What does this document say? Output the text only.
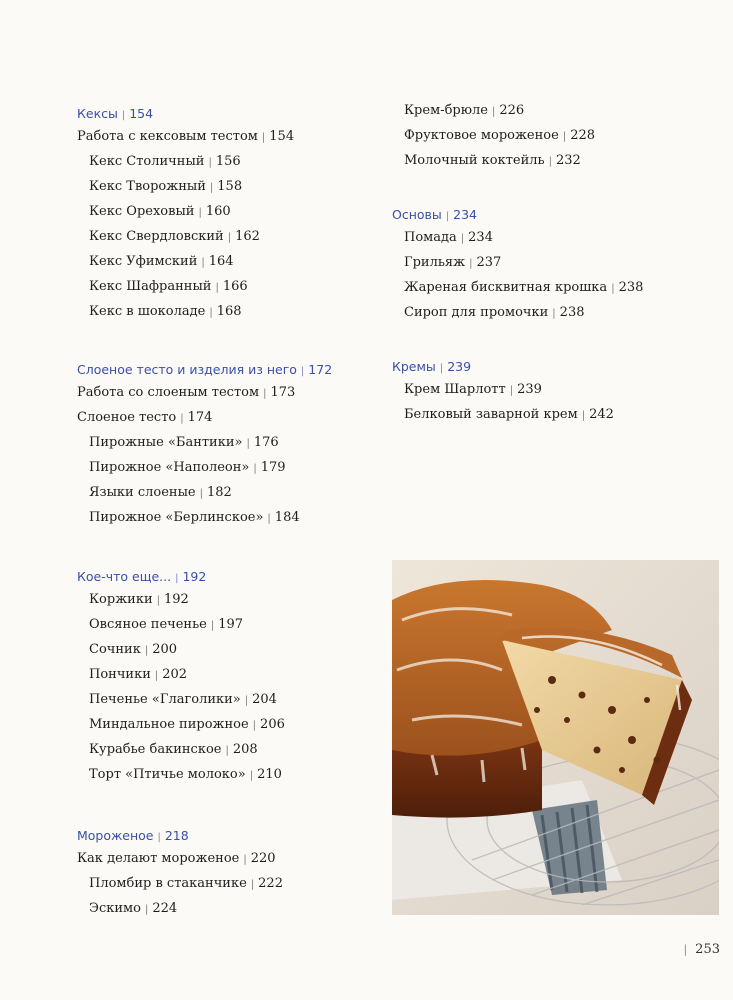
Кексы | 154
Работа с кексовым тестом | 154
Кекс Столичный | 156
Кекс Творожный | 158
Кекс Ореховый | 160
Кекс Свердловский | 162
Кекс Уфимский | 164
Кекс Шафранный | 166
Кекс в шоколаде | 168
Слоеное тесто и изделия из него | 172
Работа со слоеным тестом | 173
Слоеное тесто | 174
Пирожные «Бантики» | 176
Пирожное «Наполеон» | 179
Языки слоеные | 182
Пирожное «Берлинское» | 184
Кое-что еще... | 192
Коржики | 192
Овсяное печенье | 197
Сочник | 200
Пончики | 202
Печенье «Глаголики» | 204
Миндальное пирожное | 206
Курабье бакинское | 208
Торт «Птичье молоко» | 210
Мороженое | 218
Как делают мороженое | 220
Пломбир в стаканчике | 222
Эскимо | 224
Крем-брюле | 226
Фруктовое мороженое | 228
Молочный коктейль | 232
Основы | 234
Помада | 234
Грильяж | 237
Жареная бисквитная крошка | 238
Сироп для промочки | 238
Кремы | 239
Крем Шарлотт | 239
Белковый заварной крем | 242
| 253
